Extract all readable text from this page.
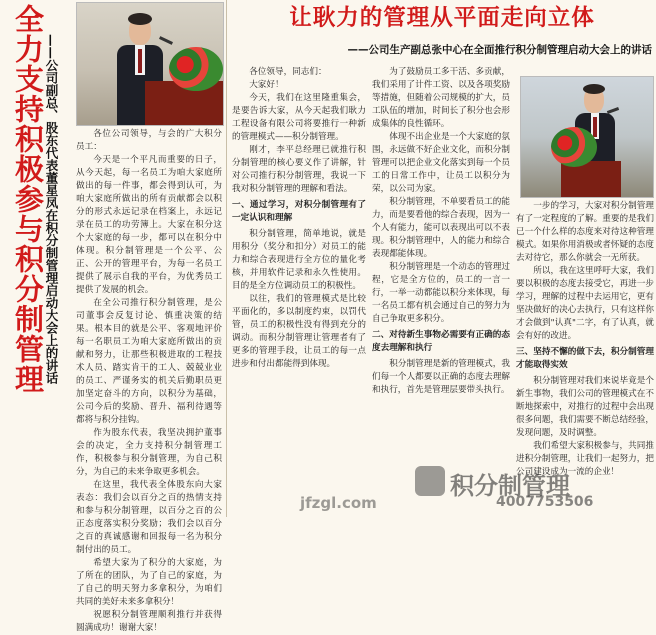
全力支持积极参与积分制管理 ——公司副总、股东代表董星凤在积分制管理启动大会上的讲话	各位公司领导，与会的广大积分员工：

今天是一个平凡而重要的日子，从今天起，每一名员工为咱大家庭所做出的每一件事，都会得到认可，为咱大家庭所做出的所有贡献都会以积分的形式永远记录在档案上，永远记录在员工的功劳簿上。大家在积分这个大家庭的每一步，都可以在积分中体现。积分制管理是一个公平、公正、公开的管理平台，为每一名员工提供了展示自我的平台，为优秀员工提供了发展的机会。

在全公司推行积分制管理，是公司董事会反复讨论、慎重决策的结果。根本目的就是公平、客观地评价每一名职员工为咱大家庭所做出的贡献和努力，让那些积极进取的工程技术人员、踏实肯干的工人、兢兢业业的员工、严谨务实的机关后勤职员更加坚定奋斗的方向，以积分为基础，公司今后的奖励、晋升、福利待遇等都将与积分挂钩。

作为股东代表，我坚决拥护董事会的决定，全力支持积分制管理工作，积极参与积分制管理，为自己积分，为自己的未来争取更多机会。

在这里，我代表全体股东向大家表态：我们会以百分之百的热情支持和参与积分制管理，以百分之百的公正态度落实积分奖励；我们会以百分之百的真诚感谢和回报每一名为积分制付出的员工。

希望大家为了积分的大家庭，为了所在的团队，为了自己的家庭，为了自己的明天努力多拿积分，为咱们共同的美好未来多拿积分！

祝愿积分制管理顺利推行并获得圆满成功！谢谢大家！

让耿力的管理从平面走向立体
——公司生产副总张中心在全面推行积分制管理启动大会上的讲话

各位领导，同志们：

大家好！

今天，我们在这里隆重集会，是要告诉大家，从今天起我们耿力工程设备有限公司将要推行一种新的管理模式——积分制管理。

刚才，李平总经理已就推行积分制管理的核心要义作了讲解，针对公司推行积分制管理，我说一下我对积分制管理的理解和看法。

一、通过学习，对积分制管理有了一定认识和理解

积分制管理，简单地说，就是用积分（奖分和扣分）对员工的能力和综合表现进行全方位的量化考核，并用软件记录和永久性使用。目的是全方位调动员工的积极性。

以往，我们的管理模式是比较平面化的，多以制度约束，以罚代管，员工的积极性没有得到充分的调动。而积分制管理让管理者有了更多的管理手段，让员工的每一点进步和付出都能得到体现。

为了鼓励员工多干活、多贡献，我们采用了计件工资、以及各项奖励等措施，但随着公司规模的扩大，员工队伍的增加，时间长了积分也会形成集体的良性循环。

体现不出企业是一个大家庭的氛围，永远做不好企业文化，而积分制管理可以把企业文化落实到每一个员工的日常工作中，让员工以积分为荣，以公司为家。

积分制管理，不单要看员工的能力，而是要看他的综合表现，因为一个人有能力，能可以表现出可以不表现。积分制管理中，人的能力和综合表现都能体现。

积分制管理是一个动态的管理过程，它是全方位的，员工的一言一行，一举一动都能以积分来体现，每一名员工都有机会通过自己的努力为自己争取更多积分。

二、对待新生事物必需要有正确的态度去理解和执行

积分制管理是新的管理模式，我们每一个人都要以正确的态度去理解和执行，首先是管理层要带头执行。

一步的学习，大家对积分制管理有了一定程度的了解。重要的是我们已一个什么样的态度来对待这种管理模式。如果你用消极或者怀疑的态度去对待它，那么你就会一无所获。

所以，我在这里呼吁大家，我们要以积极的态度去接受它，再进一步学习，理解的过程中去运用它，更有坚决做好的决心去执行，只有这样你才会做到"认真"二字，有了认真，就会有好的改进。

三、坚持不懈的做下去，积分制管理才能取得实效

积分制管理对我们来说毕竟是个新生事物，我们公司的管理模式在不断地探索中，对推行的过程中会出现很多问题，我们需要不断总结经验，发现问题，及时调整。

我们希望大家积极参与，共同推进积分制管理，让我们一起努力，把公司建设成为一流的企业！

积分制管理
jfzgl.com	4007753506
